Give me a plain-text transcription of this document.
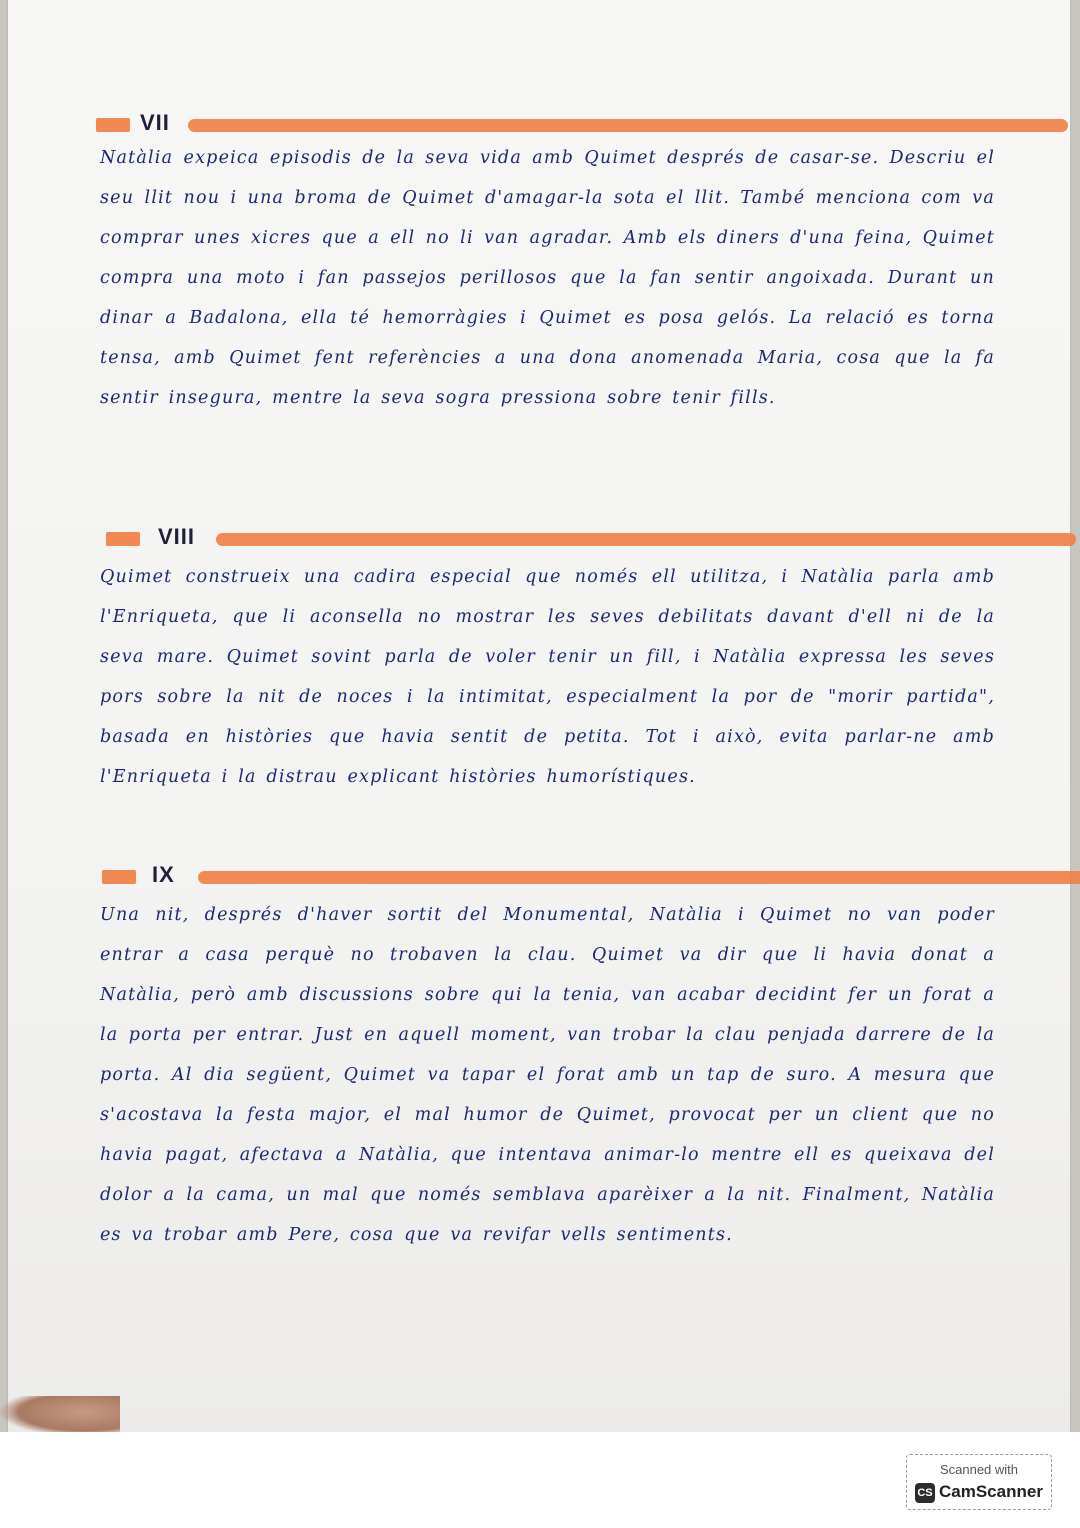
VII

Natàlia expeica episodis de la seva vida amb Quimet després de casar-se. Descriu el seu llit nou i una broma de Quimet d'amagar-la sota el llit. També menciona com va comprar unes xicres que a ell no li van agradar. Amb els diners d'una feina, Quimet compra una moto i fan passejos perillosos que la fan sentir angoixada. Durant un dinar a Badalona, ella té hemorràgies i Quimet es posa gelós. La relació es torna tensa, amb Quimet fent referències a una dona anomenada Maria, cosa que la fa sentir insegura, mentre la seva sogra pressiona sobre tenir fills.

VIII

Quimet construeix una cadira especial que només ell utilitza, i Natàlia parla amb l'Enriqueta, que li aconsella no mostrar les seves debilitats davant d'ell ni de la seva mare. Quimet sovint parla de voler tenir un fill, i Natàlia expressa les seves pors sobre la nit de noces i la intimitat, especialment la por de "morir partida", basada en històries que havia sentit de petita. Tot i això, evita parlar-ne amb l'Enriqueta i la distrau explicant històries humorístiques.

IX

Una nit, després d'haver sortit del Monumental, Natàlia i Quimet no van poder entrar a casa perquè no trobaven la clau. Quimet va dir que li havia donat a Natàlia, però amb discussions sobre qui la tenia, van acabar decidint fer un forat a la porta per entrar. Just en aquell moment, van trobar la clau penjada darrere de la porta. Al dia següent, Quimet va tapar el forat amb un tap de suro. A mesura que s'acostava la festa major, el mal humor de Quimet, provocat per un client que no havia pagat, afectava a Natàlia, que intentava animar-lo mentre ell es queixava del dolor a la cama, un mal que només semblava aparèixer a la nit. Finalment, Natàlia es va trobar amb Pere, cosa que va revifar vells sentiments.

Scanned with
CS CamScanner
